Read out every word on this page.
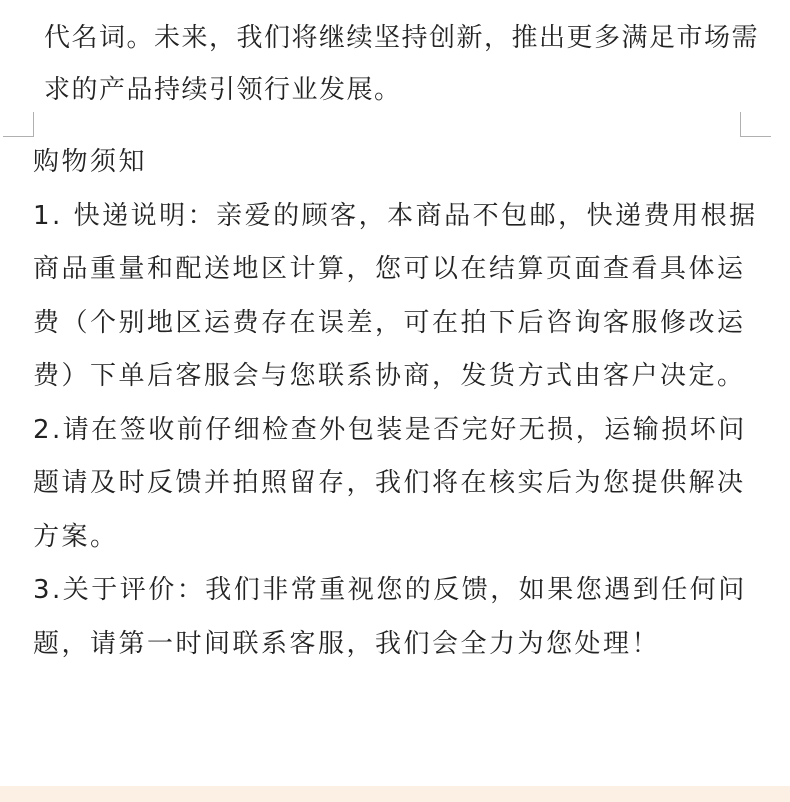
代名词。未来，我们将继续坚持创新，推出更多满足市场需求的产品持续引领行业发展。

购物须知

1. 快递说明：亲爱的顾客，本商品不包邮，快递费用根据商品重量和配送地区计算，您可以在结算页面查看具体运费（个别地区运费存在误差，可在拍下后咨询客服修改运费）下单后客服会与您联系协商，发货方式由客户决定。

2.请在签收前仔细检查外包装是否完好无损，运输损坏问题请及时反馈并拍照留存，我们将在核实后为您提供解决方案。

3.关于评价：我们非常重视您的反馈，如果您遇到任何问题，请第一时间联系客服，我们会全力为您处理！
